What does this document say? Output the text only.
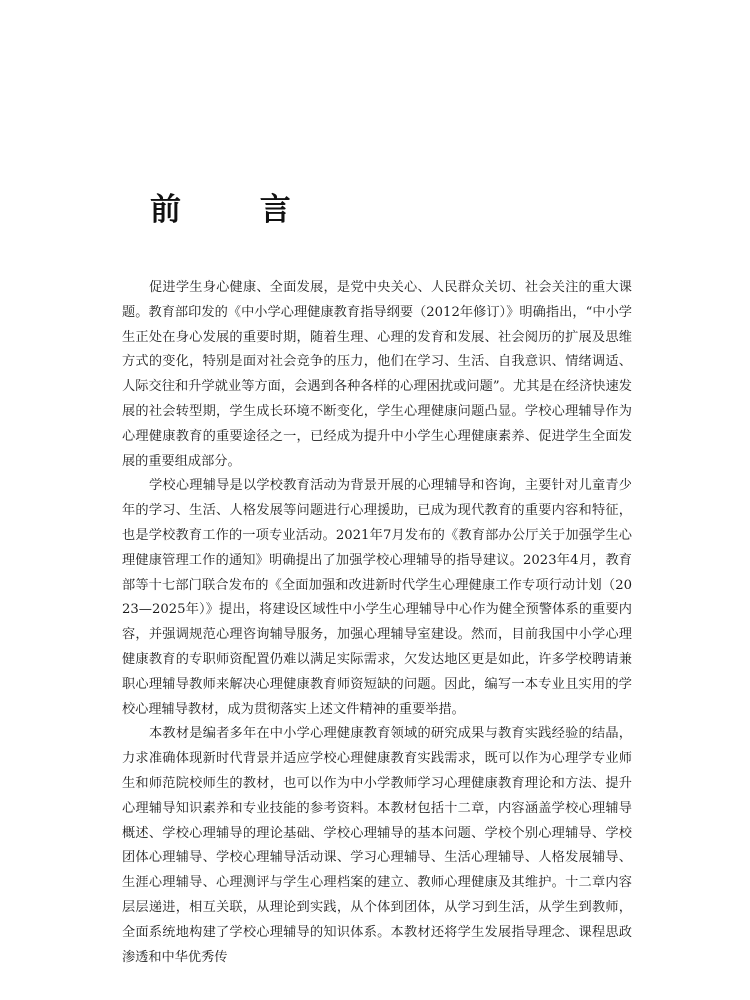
前 言

促进学生身心健康、全面发展，是党中央关心、人民群众关切、社会关注的重大课题。教育部印发的《中小学心理健康教育指导纲要（2012年修订）》明确指出，“中小学生正处在身心发展的重要时期，随着生理、心理的发育和发展、社会阅历的扩展及思维方式的变化，特别是面对社会竞争的压力，他们在学习、生活、自我意识、情绪调适、人际交往和升学就业等方面，会遇到各种各样的心理困扰或问题”。尤其是在经济快速发展的社会转型期，学生成长环境不断变化，学生心理健康问题凸显。学校心理辅导作为心理健康教育的重要途径之一，已经成为提升中小学生心理健康素养、促进学生全面发展的重要组成部分。

学校心理辅导是以学校教育活动为背景开展的心理辅导和咨询，主要针对儿童青少年的学习、生活、人格发展等问题进行心理援助，已成为现代教育的重要内容和特征，也是学校教育工作的一项专业活动。2021年7月发布的《教育部办公厅关于加强学生心理健康管理工作的通知》明确提出了加强学校心理辅导的指导建议。2023年4月，教育部等十七部门联合发布的《全面加强和改进新时代学生心理健康工作专项行动计划（2023—2025年）》提出，将建设区域性中小学生心理辅导中心作为健全预警体系的重要内容，并强调规范心理咨询辅导服务，加强心理辅导室建设。然而，目前我国中小学心理健康教育的专职师资配置仍难以满足实际需求，欠发达地区更是如此，许多学校聘请兼职心理辅导教师来解决心理健康教育师资短缺的问题。因此，编写一本专业且实用的学校心理辅导教材，成为贯彻落实上述文件精神的重要举措。

本教材是编者多年在中小学心理健康教育领域的研究成果与教育实践经验的结晶，力求准确体现新时代背景并适应学校心理健康教育实践需求，既可以作为心理学专业师生和师范院校师生的教材，也可以作为中小学教师学习心理健康教育理论和方法、提升心理辅导知识素养和专业技能的参考资料。本教材包括十二章，内容涵盖学校心理辅导概述、学校心理辅导的理论基础、学校心理辅导的基本问题、学校个别心理辅导、学校团体心理辅导、学校心理辅导活动课、学习心理辅导、生活心理辅导、人格发展辅导、生涯心理辅导、心理测评与学生心理档案的建立、教师心理健康及其维护。十二章内容层层递进，相互关联，从理论到实践，从个体到团体，从学习到生活，从学生到教师，全面系统地构建了学校心理辅导的知识体系。本教材还将学生发展指导理念、课程思政渗透和中华优秀传
